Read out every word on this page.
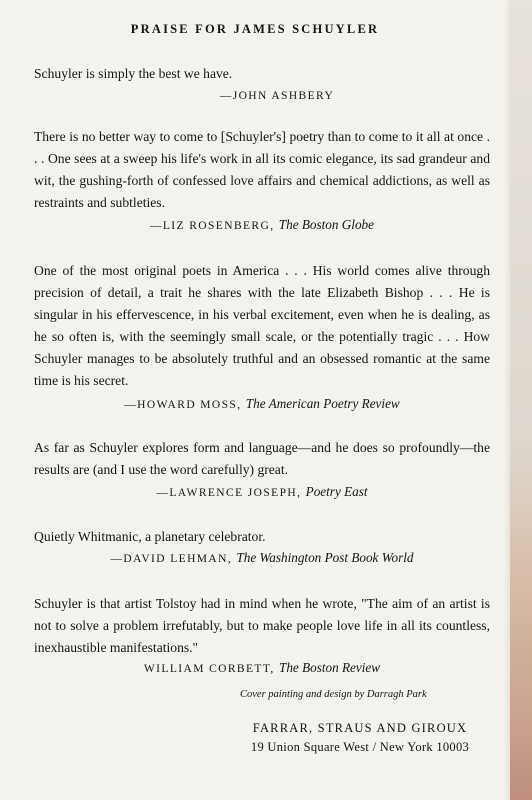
PRAISE FOR JAMES SCHUYLER

Schuyler is simply the best we have.

—JOHN ASHBERY

There is no better way to come to [Schuyler's] poetry than to come to it all at once . . . One sees at a sweep his life's work in all its comic elegance, its sad grandeur and wit, the gushing-forth of confessed love affairs and chemical addictions, as well as restraints and subtleties.

—LIZ ROSENBERG, The Boston Globe

One of the most original poets in America . . . His world comes alive through precision of detail, a trait he shares with the late Elizabeth Bishop . . . He is singular in his effervescence, in his verbal excitement, even when he is dealing, as he so often is, with the seemingly small scale, or the potentially tragic . . . How Schuyler manages to be absolutely truthful and an obsessed romantic at the same time is his secret.

—HOWARD MOSS, The American Poetry Review

As far as Schuyler explores form and language—and he does so profoundly—the results are (and I use the word carefully) great.

—LAWRENCE JOSEPH, Poetry East

Quietly Whitmanic, a planetary celebrator.

—DAVID LEHMAN, The Washington Post Book World

Schuyler is that artist Tolstoy had in mind when he wrote, "The aim of an artist is not to solve a problem irrefutably, but to make people love life in all its countless, inexhaustible manifestations."

WILLIAM CORBETT, The Boston Review
Cover painting and design by Darragh Park
FARRAR, STRAUS AND GIROUX
19 Union Square West / New York 10003
